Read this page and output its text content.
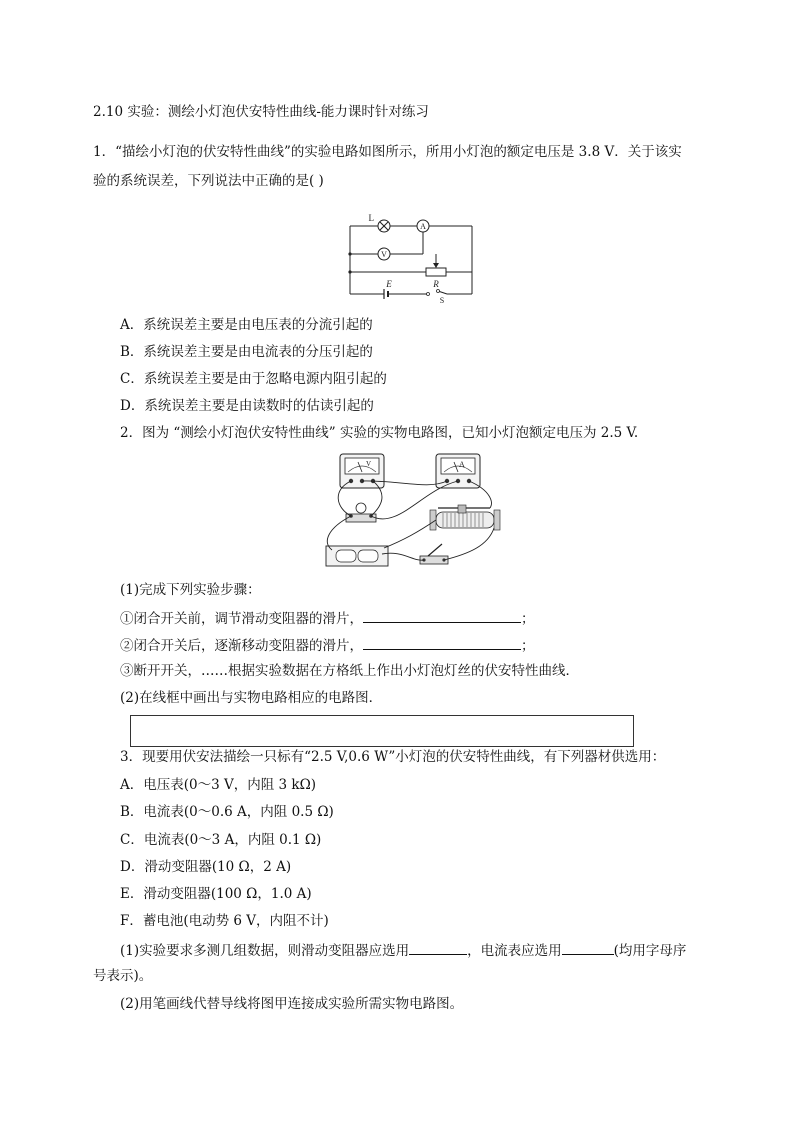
2.10 实验：测绘小灯泡伏安特性曲线-能力课时针对练习
1．“描绘小灯泡的伏安特性曲线”的实验电路如图所示，所用小灯泡的额定电压是 3.8 V．关于该实
验的系统误差，下列说法中正确的是( )
A
V
L
E	R
S
A．系统误差主要是由电压表的分流引起的
B．系统误差主要是由电流表的分压引起的
C．系统误差主要是由于忽略电源内阻引起的
D．系统误差主要是由读数时的估读引起的
2．图为 “测绘小灯泡伏安特性曲线” 实验的实物电路图，已知小灯泡额定电压为 2.5 V.
V	A
(1)完成下列实验步骤：
①闭合开关前，调节滑动变阻器的滑片，	；
②闭合开关后，逐渐移动变阻器的滑片，	；
③断开开关，……根据实验数据在方格纸上作出小灯泡灯丝的伏安特性曲线．
(2)在线框中画出与实物电路相应的电路图．
3．现要用伏安法描绘一只标有“2.5 V,0.6 W”小灯泡的伏安特性曲线，有下列器材供选用：
A．电压表(0～3 V，内阻 3 kΩ)
B．电流表(0～0.6 A，内阻 0.5 Ω)
C．电流表(0～3 A，内阻 0.1 Ω)
D．滑动变阻器(10 Ω，2 A)
E．滑动变阻器(100 Ω，1.0 A)
F．蓄电池(电动势 6 V，内阻不计)
(1)实验要求多测几组数据，则滑动变阻器应选用	，电流表应选用	(均用字母序
号表示)。
(2)用笔画线代替导线将图甲连接成实验所需实物电路图。
